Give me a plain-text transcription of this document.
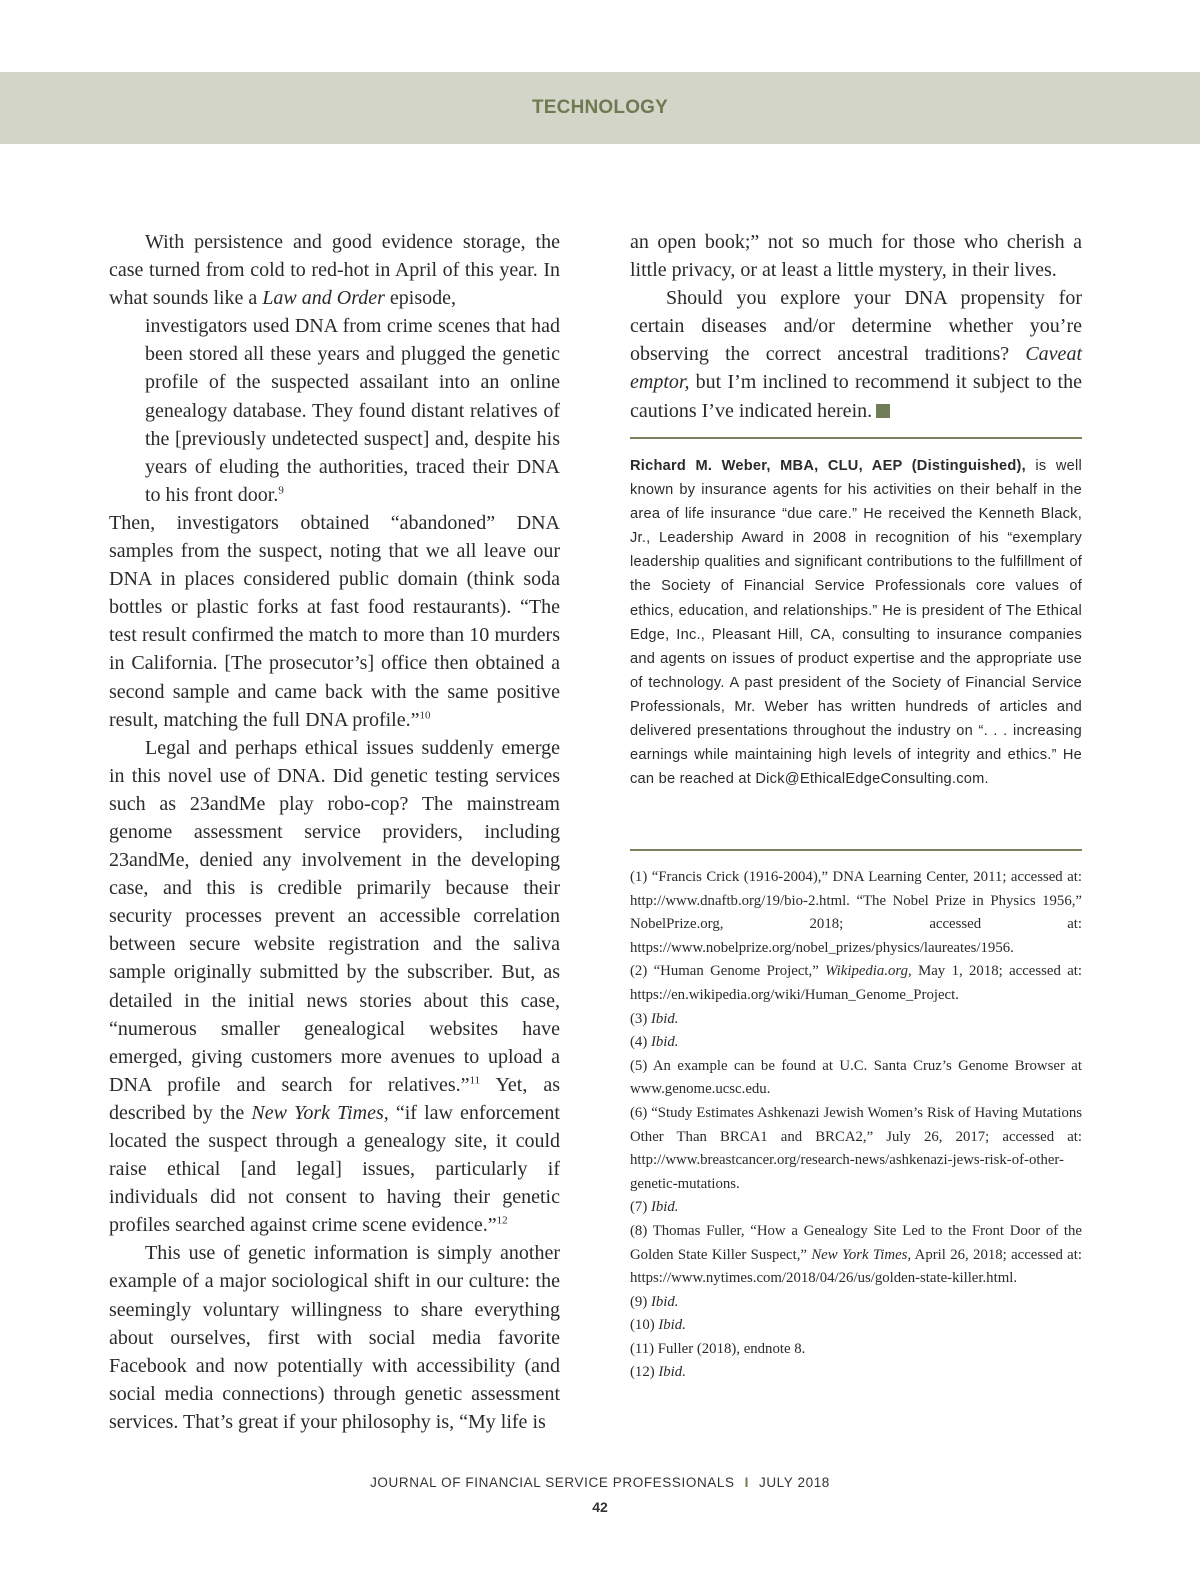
TECHNOLOGY

With persistence and good evidence storage, the case turned from cold to red-hot in April of this year. In what sounds like a Law and Order episode,

investigators used DNA from crime scenes that had been stored all these years and plugged the genetic profile of the suspected assailant into an online genealogy database. They found distant relatives of the [previously undetected suspect] and, despite his years of eluding the authorities, traced their DNA to his front door.$^9$

Then, investigators obtained “abandoned” DNA samples from the suspect, noting that we all leave our DNA in places considered public domain (think soda bottles or plastic forks at fast food restaurants). “The test result confirmed the match to more than 10 murders in California. [The prosecutor’s] office then obtained a second sample and came back with the same positive result, matching the full DNA profile.”$^{10}$

Legal and perhaps ethical issues suddenly emerge in this novel use of DNA. Did genetic testing services such as 23andMe play robo-cop? The mainstream genome assessment service providers, including 23andMe, denied any involvement in the developing case, and this is credible primarily because their security processes prevent an accessible correlation between secure website registration and the saliva sample originally submitted by the subscriber. But, as detailed in the initial news stories about this case, “numerous smaller genealogical websites have emerged, giving customers more avenues to upload a DNA profile and search for relatives.”$^{11}$ Yet, as described by the New York Times, “if law enforcement located the suspect through a genealogy site, it could raise ethical [and legal] issues, particularly if individuals did not consent to having their genetic profiles searched against crime scene evidence.”$^{12}$

This use of genetic information is simply another example of a major sociological shift in our culture: the seemingly voluntary willingness to share everything about ourselves, first with social media favorite Facebook and now potentially with accessibility (and social media connections) through genetic assessment services. That’s great if your philosophy is, “My life is

an open book;” not so much for those who cherish a little privacy, or at least a little mystery, in their lives.

Should you explore your DNA propensity for certain diseases and/or determine whether you’re observing the correct ancestral traditions? Caveat emptor, but I’m inclined to recommend it subject to the cautions I’ve indicated herein.

Richard M. Weber, MBA, CLU, AEP (Distinguished), is well known by insurance agents for his activities on their behalf in the area of life insurance “due care.” He received the Kenneth Black, Jr., Leadership Award in 2008 in recognition of his “exemplary leadership qualities and significant contributions to the fulfillment of the Society of Financial Service Professionals core values of ethics, education, and relationships.” He is president of The Ethical Edge, Inc., Pleasant Hill, CA, consulting to insurance companies and agents on issues of product expertise and the appropriate use of technology. A past president of the Society of Financial Service Professionals, Mr. Weber has written hundreds of articles and delivered presentations throughout the industry on “. . . increasing earnings while maintaining high levels of integrity and ethics.” He can be reached at Dick@EthicalEdgeConsulting.com.

(1) “Francis Crick (1916-2004),” DNA Learning Center, 2011; accessed at: http://www.dnaftb.org/19/bio-2.html. “The Nobel Prize in Physics 1956,” NobelPrize.org, 2018; accessed at: https://www.nobelprize.org/nobel_prizes/physics/laureates/1956.

(2) “Human Genome Project,” Wikipedia.org, May 1, 2018; accessed at: https://en.wikipedia.org/wiki/Human_Genome_Project.

(3) Ibid.

(4) Ibid.

(5) An example can be found at U.C. Santa Cruz’s Genome Browser at www.genome.ucsc.edu.

(6) “Study Estimates Ashkenazi Jewish Women’s Risk of Having Mutations Other Than BRCA1 and BRCA2,” July 26, 2017; accessed at: http://www.breastcancer.org/research-news/ashkenazi-jews-risk-of-other-genetic-mutations.

(7) Ibid.

(8) Thomas Fuller, “How a Genealogy Site Led to the Front Door of the Golden State Killer Suspect,” New York Times, April 26, 2018; accessed at: https://www.nytimes.com/2018/04/26/us/golden-state-killer.html.

(9) Ibid.

(10) Ibid.

(11) Fuller (2018), endnote 8.

(12) Ibid.

JOURNAL OF FINANCIAL SERVICE PROFESSIONALS I JULY 2018
42
